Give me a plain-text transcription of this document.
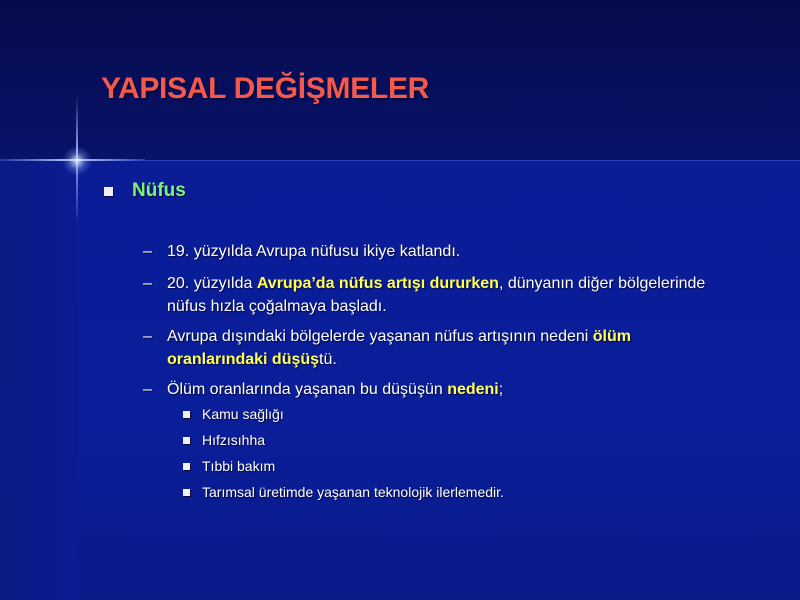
YAPISAL DEĞİŞMELER
Nüfus
– 19. yüzyılda Avrupa nüfusu ikiye katlandı.
– 20. yüzyılda Avrupa’da nüfus artışı dururken, dünyanın diğer bölgelerinde
nüfus hızla çoğalmaya başladı.
– Avrupa dışındaki bölgelerde yaşanan nüfus artışının nedeni ölüm
oranlarındaki düşüştü.
– Ölüm oranlarında yaşanan bu düşüşün nedeni;
Kamu sağlığı
Hıfzısıhha
Tıbbi bakım
Tarımsal üretimde yaşanan teknolojik ilerlemedir.
